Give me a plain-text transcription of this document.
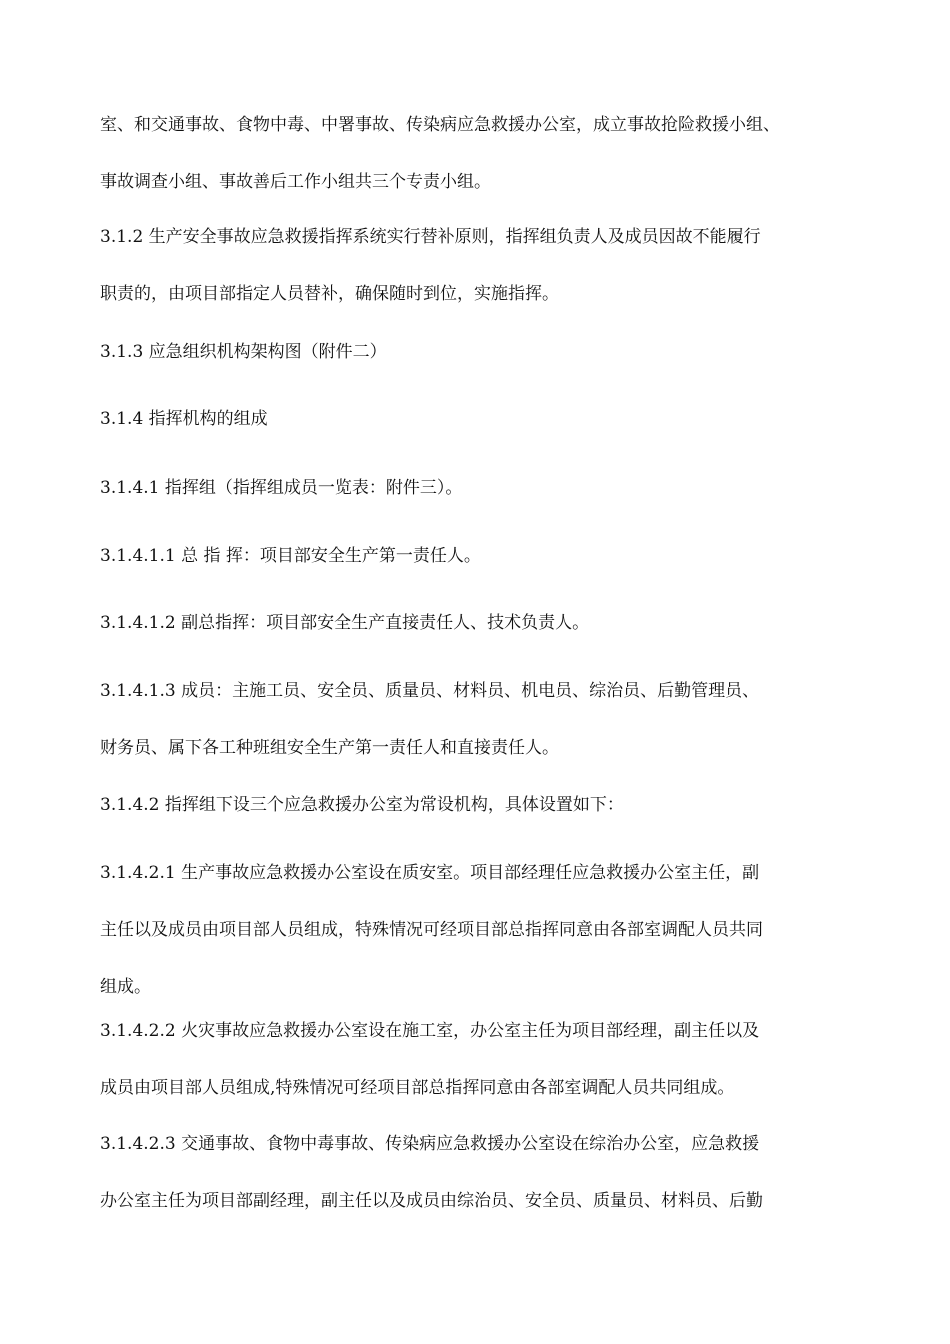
室、和交通事故、食物中毒、中署事故、传染病应急救援办公室，成立事故抢险救援小组、
事故调查小组、事故善后工作小组共三个专责小组。

3.1.2 生产安全事故应急救援指挥系统实行替补原则，指挥组负责人及成员因故不能履行
职责的，由项目部指定人员替补，确保随时到位，实施指挥。

3.1.3 应急组织机构架构图（附件二）

3.1.4 指挥机构的组成

3.1.4.1 指挥组（指挥组成员一览表：附件三）。

3.1.4.1.1 总 指 挥：项目部安全生产第一责任人。

3.1.4.1.2 副总指挥：项目部安全生产直接责任人、技术负责人。

3.1.4.1.3 成员：主施工员、安全员、质量员、材料员、机电员、综治员、后勤管理员、
财务员、属下各工种班组安全生产第一责任人和直接责任人。

3.1.4.2 指挥组下设三个应急救援办公室为常设机构，具体设置如下：

3.1.4.2.1 生产事故应急救援办公室设在质安室。项目部经理任应急救援办公室主任，副
主任以及成员由项目部人员组成，特殊情况可经项目部总指挥同意由各部室调配人员共同
组成。

3.1.4.2.2 火灾事故应急救援办公室设在施工室，办公室主任为项目部经理，副主任以及
成员由项目部人员组成,特殊情况可经项目部总指挥同意由各部室调配人员共同组成。

3.1.4.2.3 交通事故、食物中毒事故、传染病应急救援办公室设在综治办公室，应急救援
办公室主任为项目部副经理，副主任以及成员由综治员、安全员、质量员、材料员、后勤
